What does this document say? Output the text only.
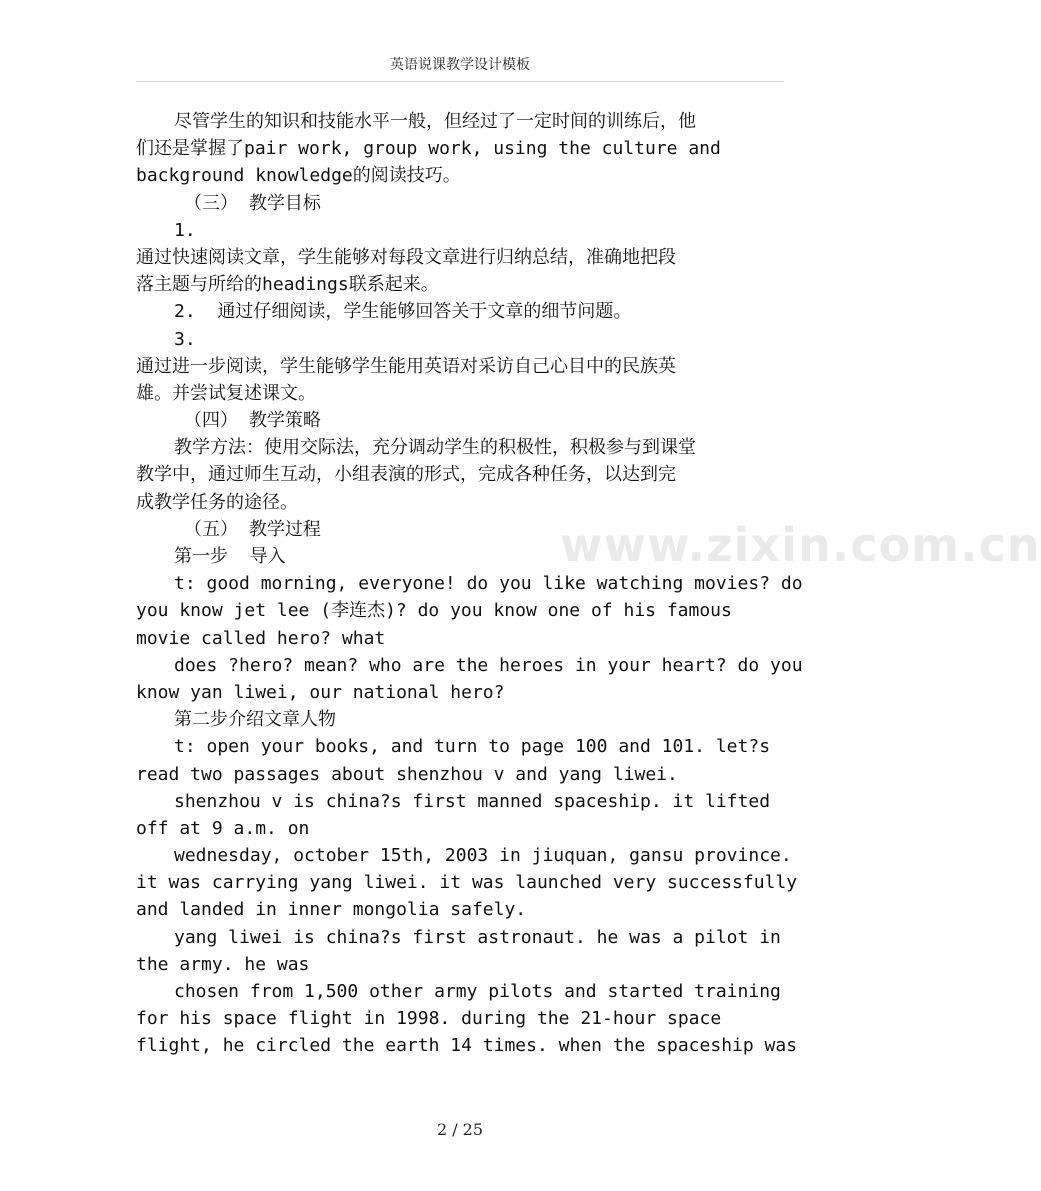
英语说课教学设计模板
www.zixin.com.cn
尽管学生的知识和技能水平一般，但经过了一定时间的训练后，他
们还是掌握了pair work, group work, using the culture and
background knowledge的阅读技巧。
（三） 教学目标
1.
通过快速阅读文章，学生能够对每段文章进行归纳总结，准确地把段
落主题与所给的headings联系起来。
2.  通过仔细阅读，学生能够回答关于文章的细节问题。
3.
通过进一步阅读，学生能够学生能用英语对采访自己心目中的民族英
雄。并尝试复述课文。
（四） 教学策略
教学方法：使用交际法，充分调动学生的积极性，积极参与到课堂
教学中，通过师生互动，小组表演的形式，完成各种任务，以达到完
成教学任务的途径。
（五） 教学过程
第一步  导入
t: good morning, everyone! do you like watching movies? do
you know jet lee (李连杰)? do you know one of his famous
movie called hero? what
does ?hero? mean? who are the heroes in your heart? do you
know yan liwei, our national hero?
第二步介绍文章人物
t: open your books, and turn to page 100 and 101. let?s
read two passages about shenzhou v and yang liwei.
shenzhou v is china?s first manned spaceship. it lifted
off at 9 a.m. on
wednesday, october 15th, 2003 in jiuquan, gansu province.
it was carrying yang liwei. it was launched very successfully
and landed in inner mongolia safely.
yang liwei is china?s first astronaut. he was a pilot in
the army. he was
chosen from 1,500 other army pilots and started training
for his space flight in 1998. during the 21-hour space
flight, he circled the earth 14 times. when the spaceship was
2 / 25
